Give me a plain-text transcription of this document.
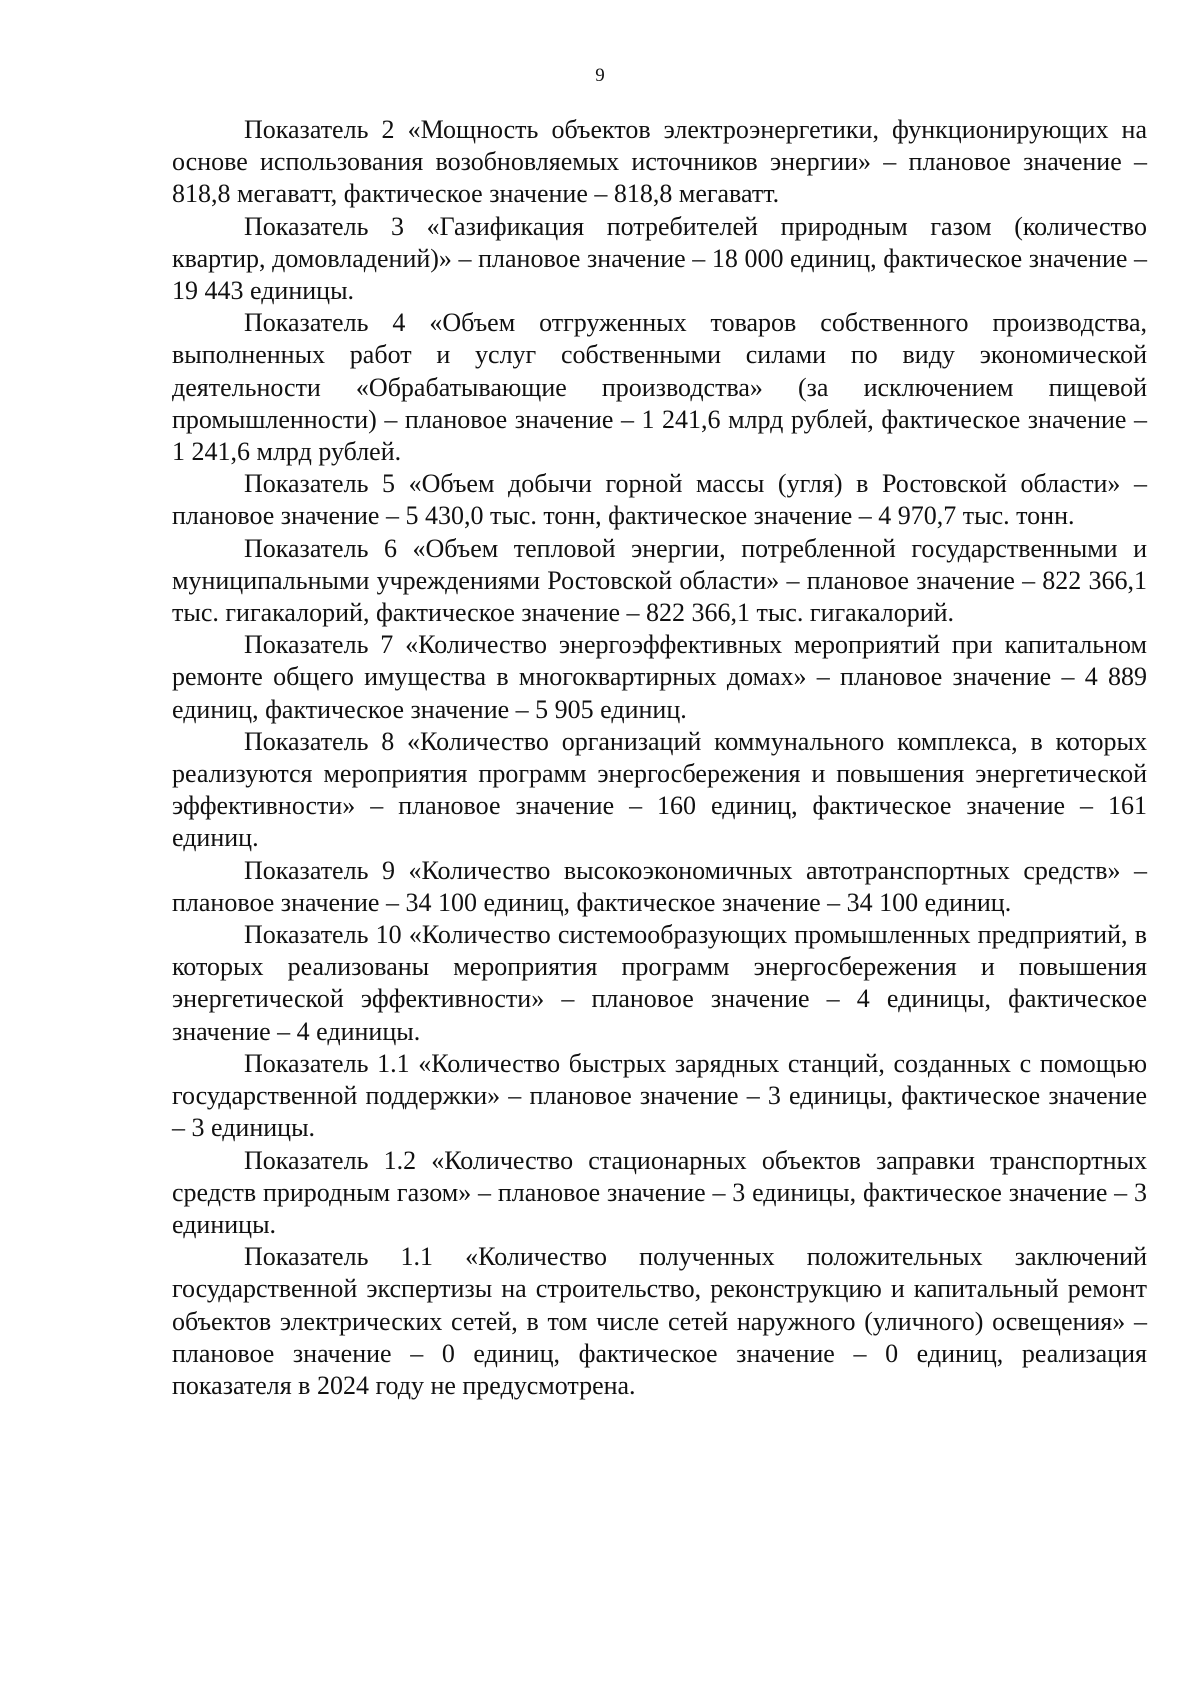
9

Показатель 2 «Мощность объектов электроэнергетики, функционирующих на основе использования возобновляемых источников энергии» – плановое значение – 818,8 мегаватт, фактическое значение – 818,8 мегаватт.

Показатель 3 «Газификация потребителей природным газом (количество квартир, домовладений)» – плановое значение – 18 000 единиц, фактическое значение – 19 443 единицы.

Показатель 4 «Объем отгруженных товаров собственного производства, выполненных работ и услуг собственными силами по виду экономической деятельности «Обрабатывающие производства» (за исключением пищевой промышленности) – плановое значение – 1 241,6 млрд рублей, фактическое значение – 1 241,6 млрд рублей.

Показатель 5 «Объем добычи горной массы (угля) в Ростовской области» – плановое значение – 5 430,0 тыс. тонн, фактическое значение – 4 970,7 тыс. тонн.

Показатель 6 «Объем тепловой энергии, потребленной государственными и муниципальными учреждениями Ростовской области» – плановое значение – 822 366,1 тыс. гигакалорий, фактическое значение – 822 366,1 тыс. гигакалорий.

Показатель 7 «Количество энергоэффективных мероприятий при капитальном ремонте общего имущества в многоквартирных домах» – плановое значение – 4 889 единиц, фактическое значение – 5 905 единиц.

Показатель 8 «Количество организаций коммунального комплекса, в которых реализуются мероприятия программ энергосбережения и повышения энергетической эффективности» – плановое значение – 160 единиц, фактическое значение – 161 единиц.

Показатель 9 «Количество высокоэкономичных автотранспортных средств» – плановое значение – 34 100 единиц, фактическое значение – 34 100 единиц.

Показатель 10 «Количество системообразующих промышленных предприятий, в которых реализованы мероприятия программ энергосбережения и повышения энергетической эффективности» – плановое значение – 4 единицы, фактическое значение – 4 единицы.

Показатель 1.1 «Количество быстрых зарядных станций, созданных с помощью государственной поддержки» – плановое значение – 3 единицы, фактическое значение – 3 единицы.

Показатель 1.2 «Количество стационарных объектов заправки транспортных средств природным газом» – плановое значение – 3 единицы, фактическое значение – 3 единицы.

Показатель 1.1 «Количество полученных положительных заключений государственной экспертизы на строительство, реконструкцию и капитальный ремонт объектов электрических сетей, в том числе сетей наружного (уличного) освещения» – плановое значение – 0 единиц, фактическое значение – 0 единиц, реализация показателя в 2024 году не предусмотрена.
